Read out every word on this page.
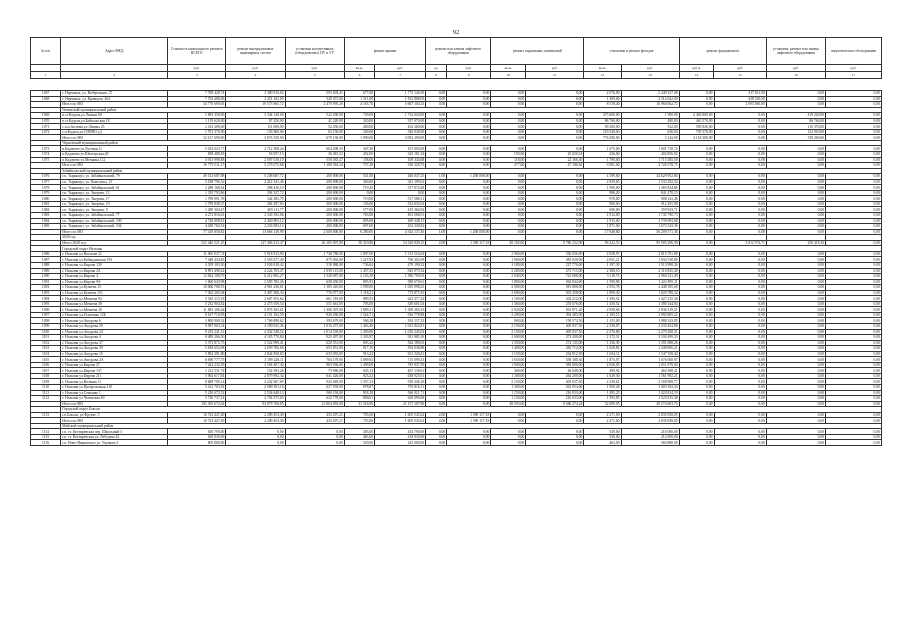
92
№ п/п	Адрес МКД	Стоимость капитального ремонта ВСЕГО	ремонт внутридомовых инженерных систем	установка коллективных (общедомовых) ПУ и УУ	ремонт крыши		ремонт или замена лифтового оборудования		ремонт подвальных помещений		утепление и ремонт фасадов		ремонт фундаментов		установка, ремонт или замена лифтового оборудования	энергетическое обследование
		руб.	руб.	руб.	кв.м.	руб.	ед.	руб.	кв.м.	руб.	кв.м.	руб.	куб.м.	руб.	руб.	руб.
1	2	3	4	5	6	7	8	9	10	11	12	13	14	15	16	17
1067	г. Нерчинск, ул. Набережная, 37	7 708 428,74	2 380 910,04	593 603,41	677,00	1 773 146,39	0,00	0,00	0,00	0,00	2 076,00	2 449 257,08	0,00	317 811,00	0,00	0,00
1068	г. Нерчинск, ул. Кравцова, 264	7 763 488,00	2 451 102,00	549 357,00	1 311,60	1 812 888,00	0,00	0,00	0,00	0,00	1 369,60	2 312 622,00	0,00	438 520,00	0,00	0,00
	Итого по МО	34 770 690,63	10 573 965,72	2 470 995,26	4 165,70	5 667 104,53	0,00	0,00	0,00	0,00	8 518,40	10 960 062,72	0,00	2 093 560,00	0,00	0,00
	Читинский муниципальный район															
1069	п.ст.Кадала,ул.Ленина 60	1 893 350,00	2 344 140,00	522 290,00	730,00	1 734 020,00	0,00	0,00	0,00	0,00	475 680,00	1 500,00	2 402 800,00	0,00	419 220,00	0,00
1070	п.ст.Кадала,ул.Байкальская 18	1 119 620,00	87 250,00	41 220,00	320,00	357 070,00	0,00	0,00	0,00	0,00	86 760,00	480,00	463 570,00	0,00	86 760,00	0,00
1071	с.п.п.Засопка,ул.Ленина 25	1 413 280,00	111 000,00	52 450,00	400,00	454 260,00	0,00	0,00	0,00	0,00	99 290,00	532,00	585 830,00	0,00	110 370,00	0,00
1072	с.п.Кадала,ул.ОЛЯЯО д.3	1 701 370,00	133 960,00	63 150,00	540,00	546 940,00	0,00	0,00	0,00	0,00	119 540,00	630,00	705 370,00	0,00	132 910,00	0,00
	Итого по МО	12 127 690,00	3 676 350,00	679 130,00	1 990,00	3 092 290,00	0,00	0,00	0,00	0,00	776 290,00	3 142,00	4 154 380,00	0,00	749 260,00	0,00
	Черновский муниципальный район															
1073	п.Кадачево ул.Луговая,11	5 034 023,77	2 712 388,44	604 298,35	347,30	101 803,00	0,00	0,00	0,00	0,00	1 675,00	1 601 718,72	0,00	0,00	0,00	0,00
1074	п.Кадачево ул.Шахтерская,40	838 488,83	56 957,13	36 481,52	452,00	325 181,34	0,00	0,00	159,00	25 020,34	436,00	404 856,82	0,00	0,00	0,00	0,00
1075	п.Кадачево ул.Мечника,112	4 913 998,88	2 507 010,10	558 583,47	158,00	109 343,68	0,00	0,00	118,00	22 166,30	1 790,00	1 715 585,50	0,00	0,00	0,00	0,00
	Итого по МО	10 775 511,27	5 275 075,68	1 189 363,34	757,30	536 328,75	0,00	0,00	277,00	47 186,64	3 901,00	3 726 578,75	0,00	0,00	0,00	0,00
	Забайкальский муниципальный район															
1076	г.п. Тырныауз, ул. Забайкальский, 79	49 514 687,88	5 238 687,72	200 000,00	541,00	446 047,25	1,00	1 200 000,00	0,00	0,00	4 199,00	44 629 952,80	0,00	0,00	0,00	0,00
1077	г.п. Тырныауз, ул. Комсомол, 15	5 188 796,52	2 412 341,46	200 000,00	360,00	341 199,02	0,00	0,00	0,00	0,00	2 059,65	1 533 292,34	0,00	0,00	0,00	0,00
1078	г.п. Тырныауз, ул. Забайкальский, 61	2 288 168,44	208 416,10	200 000,00	719,45	517 874,48	0,00	0,00	0,00	0,00	1 590,00	1 483 824,86	0,00	0,00	0,00	0,00
1079	г.п. Тырныауз, ул. Энергия, 13	1 335 793,86	294 327,72	200 000,00	0,00	0,00	0,00	0,00	0,00	0,00	986,20	841 470,15	0,00	0,00	0,00	0,00
1080	г.п. Тырныауз, ул. Энергия, 17	1 789 991,78	344 385,79	200 000,00	719,00	517 586,51	0,00	0,00	0,00	0,00	978,00	908 141,46	0,00	0,00	0,00	0,00
1081	г.п. Тырныауз, ул. Энергия, 10	1 799 838,37	394 497,83	200 000,00	726,00	522 635,02	0,00	0,00	0,00	0,00	980,00	912 291,98	0,00	0,00	0,00	0,00
1082	г.п. Тырныауз, ул. Энергия, 9	1 289 304,47	405 111,77	200 000,00	577,00	415 364,94	0,00	0,00	0,00	0,00	600,00	359 923,71	0,00	0,00	0,00	0,00
1083	г.п. Тырныауз, ул. Забайкальский, 77	4 272 816,61	2 343 592,06	200 000,00	763,00	491 568,51	0,00	0,00	0,00	0,00	1 912,00	1 745 790,73	0,00	0,00	0,00	0,00
1084	г.п. Тырныауз, ул. Забайкальский, 100	4 726 998,81	2 360 805,12	200 000,00	695,00	469 348,15	0,00	0,00	0,00	0,00	1 915,00	1 739 993,68	0,00	0,00	0,00	0,00
1085	г.п. Тырныауз, ул. Забайкальский, 104	4 458 784,52	2 233 083,14	200 000,00	697,60	452 330,82	0,00	0,00	0,00	0,00	1 871,00	1 673 343,36	0,00	0,00	0,00	0,00
	Итого по МО	77 419 858,82	13 666 149,99	2 000 000,00	6 280,00	4 344 137,46	1,00	1 200 000,00	0,00	0,00	17 048,80	56 209 571,36	0,00	0,00	0,00	0,00
	2028 год															
	Итого 2028 год	521 440 521,25	127 486 413,47	26 165 097,00	58 310,86	54 326 949,25	2,00	1 589 117,18	49 182,00	9 786 232,00	99 222,55	95 905 296,39	0,00	3 812 974,71	250 418,36	0,00
	Городской округ Нальчик															
1086	г. Нальчик ул.Ногмова 21	11 965 037,74	5 918 913,90	1 738 780,00	1 897,00	1 313 516,04	0,00	0,00	2 960,00	336 036,00	2 938,97	2 815 791,80	0,00	0,00	0,00	0,00
1087	г. Нальчик ул.Кабардинская 150	7 448 434,85	3 559 277,40	875 492,00	1 227,93	796 202,09	0,00	0,00	1 900,00	383 920,00	2 051,21	1 834 530,86	0,00	0,00	0,00	0,00
1088	г. Нальчик ул.Кирова 130	4 359 103,30	2 026 818,42	518 080,00	736,64	479 190,32	0,00	0,00	1 180,00	227 770,00	1 197,39	1 513 998,36	0,00	0,00	0,00	0,00
1089	г. Нальчик ул.Кирова 2А	8 891 498,42	4 224 703,47	1 039 115,00	1 457,33	943 079,34	0,00	0,00	2 280,00	473 715,00	2 368,10	2 110 825,40	0,00	0,00	0,00	0,00
1090	г. Нальчик ул.Кирова 4	12 824 108,79	6 212 802,27	1 528 087,00	2 143,38	1 386 709,03	0,00	0,00	2 840,00	725 688,00	3 118,74	2 960 521,49	0,00	0,00	0,00	0,00
1091	г. Нальчик ул.Кирова 9А	1 600 643,98	2 595 783,26	638 450,00	895,93	580 670,61	0,00	0,00	1 800,00	362 844,00	1 590,96	1 422 895,11	0,00	0,00	0,00	0,00
1092	г. Нальчик ул.Кулиева 15	10 066 708,55	4 961 230,61	1 105 410,00	1 599,00	1 035 998,25	0,00	0,00	2 900,00	581 808,00	2 553,78	2 448 185,60	0,00	0,00	0,00	0,00
1093	г. Нальчик ул.Кулиева 151	7 362 265,04	3 487 206,34	776 977,00	1 118,21	773 875,35	0,00	0,00	2 680,00	503 458,00	1 899,30	1 820 788,32	0,00	0,00	0,00	0,00
1094	г. Нальчик ул.Мечиева 94	5 543 115,33	2 607 655,64	661 319,00	899,55	623 377,24	0,00	0,00	1 180,00	202 212,00	1 396,52	1 427 215,36	0,00	0,00	0,00	0,00
1095	г. Нальчик ул.Мечиева 38	5 232 904,82	2 475 559,54	551 661,00	793,00	549 601,04	0,00	0,00	1 360,00	255 676,00	1 430,52	1 380 344,84	0,00	0,00	0,00	0,00
1096	г. Нальчик ул.Мечиева 10	11 883 106,44	5 876 165,01	1 308 307,00	1 889,11	1 309 303,35	0,00	0,00	2 920,00	561 871,20	2 958,66	2 836 319,51	0,00	0,00	0,00	0,00
1097	г. Нальчик ул.Осипенко 12Б	8 617 710,95	4 151 102,59	920 450,00	1 324,71	916 778,88	0,00	0,00	2 200,00	394 485,00	2 185,15	2 094 805,22	0,00	0,00	0,00	0,00
1098	г. Нальчик ул.Ашурова 6	3 800 900,32	1 766 898,62	393 679,00	566,38	392 137,35	0,00	0,00	900,00	159 573,50	1 155,00	1 088 343,85	0,00	0,00	0,00	0,00
1099	г. Нальчик ул.Ашурова 29	9 587 963,34	4 590 025,46	1 016 257,00	1 463,46	1 012 824,81	0,00	0,00	2 150,00	405 837,50	2 330,07	2 233 454,86	0,00	0,00	0,00	0,00
1100	г. Нальчик ул.Ашурова 24	9 255 241,31	4 432 528,52	1 014 539,00	1 459,80	1 010 245,03	0,00	0,00	2 150,00	405 837,50	2 376,80	2 279 208,31	0,00	0,00	0,00	0,00
1101	г. Нальчик ул.Ашурова 4	8 489 206,50	4 105 770,84	925 497,00	1 333,97	921 985,16	0,00	0,00	2 000,00	373 200,00	2 172,31	2 104 499,33	0,00	0,00	0,00	0,00
1102	г. Нальчик ул.Ашурова 27	5 373 872,75	2 522 999,41	620 551,00	893,42	564 189,03	0,00	0,00	1 350,00	272 135,00	1 336,39	1 391 888,26	0,00	0,00	0,00	0,00
1103	г. Нальчик ул.Ашурова 39	5 638 652,08	2 659 706,66	653 831,00	917,10	594 036,88	0,00	0,00	1 400,00	282 712,00	1 620,82	1 449 006,21	0,00	0,00	0,00	0,00
1104	г. Нальчик ул.Ашурова 16	5 892 391,80	2 844 830,83	633 055,00	913,24	631 326,81	0,00	0,00	1 150,00	234 812,50	1 634,11	1 547 358,44	0,00	0,00	0,00	0,00
1105	г. Нальчик ул.Ашурова 2А	6 690 777,75	3 189 228,11	784 179,00	1 099,92	715 099,33	0,00	0,00	1 650,00	339 180,30	1 875,97	1 676 000,97	0,00	0,00	0,00	0,00
1106	г. Нальчик ул.Кирова 27	7 244 232,95	3 504 407,40	863 936,00	1 209,00	783 937,59	0,00	0,00	1 900,00	383 000,00	2 026,05	1 811 079,00	0,00	0,00	0,00	0,00
1107	г. Нальчик ул.Кирова 137	1 212 531,74	152 392,26	73 960,00	645,13	467 139,61	0,00	0,00	360,00	46 648,00	499,92	464 388,41	0,00	0,00	0,00	0,00
1108	г. Нальчик ул.Кирова 211	5 902 617,84	2 879 992,34	641 426,00	923,22	638 925,61	0,00	0,00	1 300,00	264 200,00	1 629,30	1 561 982,21	0,00	0,00	0,00	0,00
1109	г. Нальчик ул.Нальчик 11	8 688 709,14	4 232 667,69	943 049,00	1 357,13	939 246,18	0,00	0,00	2 150,00	405 837,50	2 238,61	2 168 908,77	0,00	0,00	0,00	0,00
1110	г. Нальчик ул.Профсоюзная 218	5 412 703,02	2 580 391,18	627 559,00	878,87	576 816,11	0,00	0,00	1 300,00	262 054,00	1 569,28	1 403 302,34	0,00	0,00	0,00	0,00
1111	г. Нальчик ул.Семашко 1	5 230 672,52	2 534 640,14	569 194,00	818,18	566 921,71	0,00	0,00	1 150,00	216 033,00	1 495,25	1 423 814,19	0,00	0,00	0,00	0,00
1112	г. Нальчик ул.Чеченская 60	5 726 737,14	2 794 375,03	622 778,00	890,61	620 090,68	0,00	0,00	1 150,00	216 033,00	1 593,85	1 525 815,38	0,00	0,00	0,00	0,00
	Итого по МО	191 395 672,62	93 079 768,85	21 804 093,00	31 318,96	21 157 187,86	0,00	0,00	48 593,00	9 586 274,24	52 089,05	49 574 603,70	0,00	0,00	0,00	0,00
	Городской округ Баксан															
1113	г.п.Баксан, ул.Фрунзе, 5	10 723 447,49	2 289 453,49	433 497,21	755,00	1 605 545,62	2,00	1 589 117,18	0,00	0,00	2 271,00	2 835 838,05	0,00	0,00	0,00	0,00
	Итого по МО	10 723 447,49	2 289 453,49	433 497,21	755,00	1 605 545,62	2,00	1 589 117,18	0,00	0,00	2 271,00	2 835 838,05	0,00	0,00	0,00	0,00
	Майский муниципальный район															
1114	г.п. ст. Котляревская пер. Школьный 3	650 790,00	0,00	0,00	483,00	434 790,00	0,00	0,00	0,00	0,00	540,00	216 000,00	0,00	0,00	0,00	0,00
1115	г.п. ст. Котляревская ул. Лебедева 42	630 930,00	0,00	0,00	463,00	418 930,00	0,00	0,00	0,00	0,00	530,00	212 000,00	0,00	0,00	0,00	0,00
1116	г.п. Ново-Ивановское ул. Ушакова 3	805 880,00	0,00	0,00	520,00	245 000,00	0,00	0,00	0,00	0,00	463,00	560 880,00	0,00	0,00	0,00	0,00
